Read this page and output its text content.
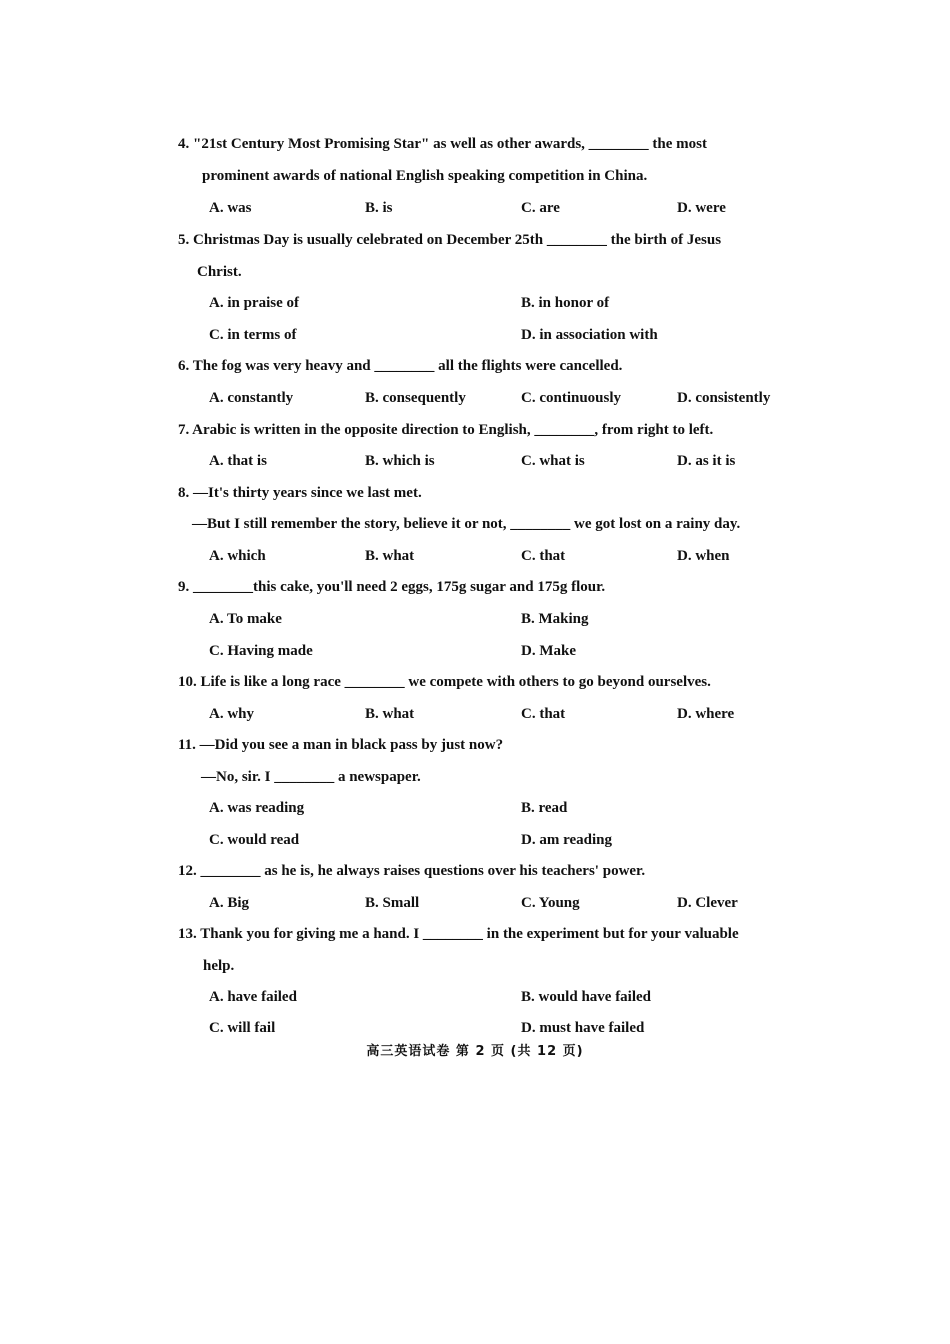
4. "21st Century Most Promising Star" as well as other awards, ________ the most
prominent awards of national English speaking competition in China.
A. was	B. is	C. are	D. were
5. Christmas Day is usually celebrated on December 25th ________ the birth of Jesus
Christ.
A. in praise of	B. in honor of
C. in terms of	D. in association with
6. The fog was very heavy and ________ all the flights were cancelled.
A. constantly	B. consequently	C. continuously	D. consistently
7. Arabic is written in the opposite direction to English, ________, from right to left.
A. that is	B. which is	C. what is	D. as it is
8. —It's thirty years since we last met.
—But I still remember the story, believe it or not, ________ we got lost on a rainy day.
A. which	B. what	C. that	D. when
9. ________this cake, you'll need 2 eggs, 175g sugar and 175g flour.
A. To make	B. Making
C. Having made	D. Make
10. Life is like a long race ________ we compete with others to go beyond ourselves.
A. why	B. what	C. that	D. where
11. —Did you see a man in black pass by just now?
—No, sir. I ________ a newspaper.
A. was reading	B. read
C. would read	D. am reading
12. ________ as he is, he always raises questions over his teachers' power.
A. Big	B. Small	C. Young	D. Clever
13. Thank you for giving me a hand. I ________ in the experiment but for your valuable
help.
A. have failed	B. would have failed
C. will fail	D. must have failed
高三英语试卷 第 2 页 (共 12 页)
